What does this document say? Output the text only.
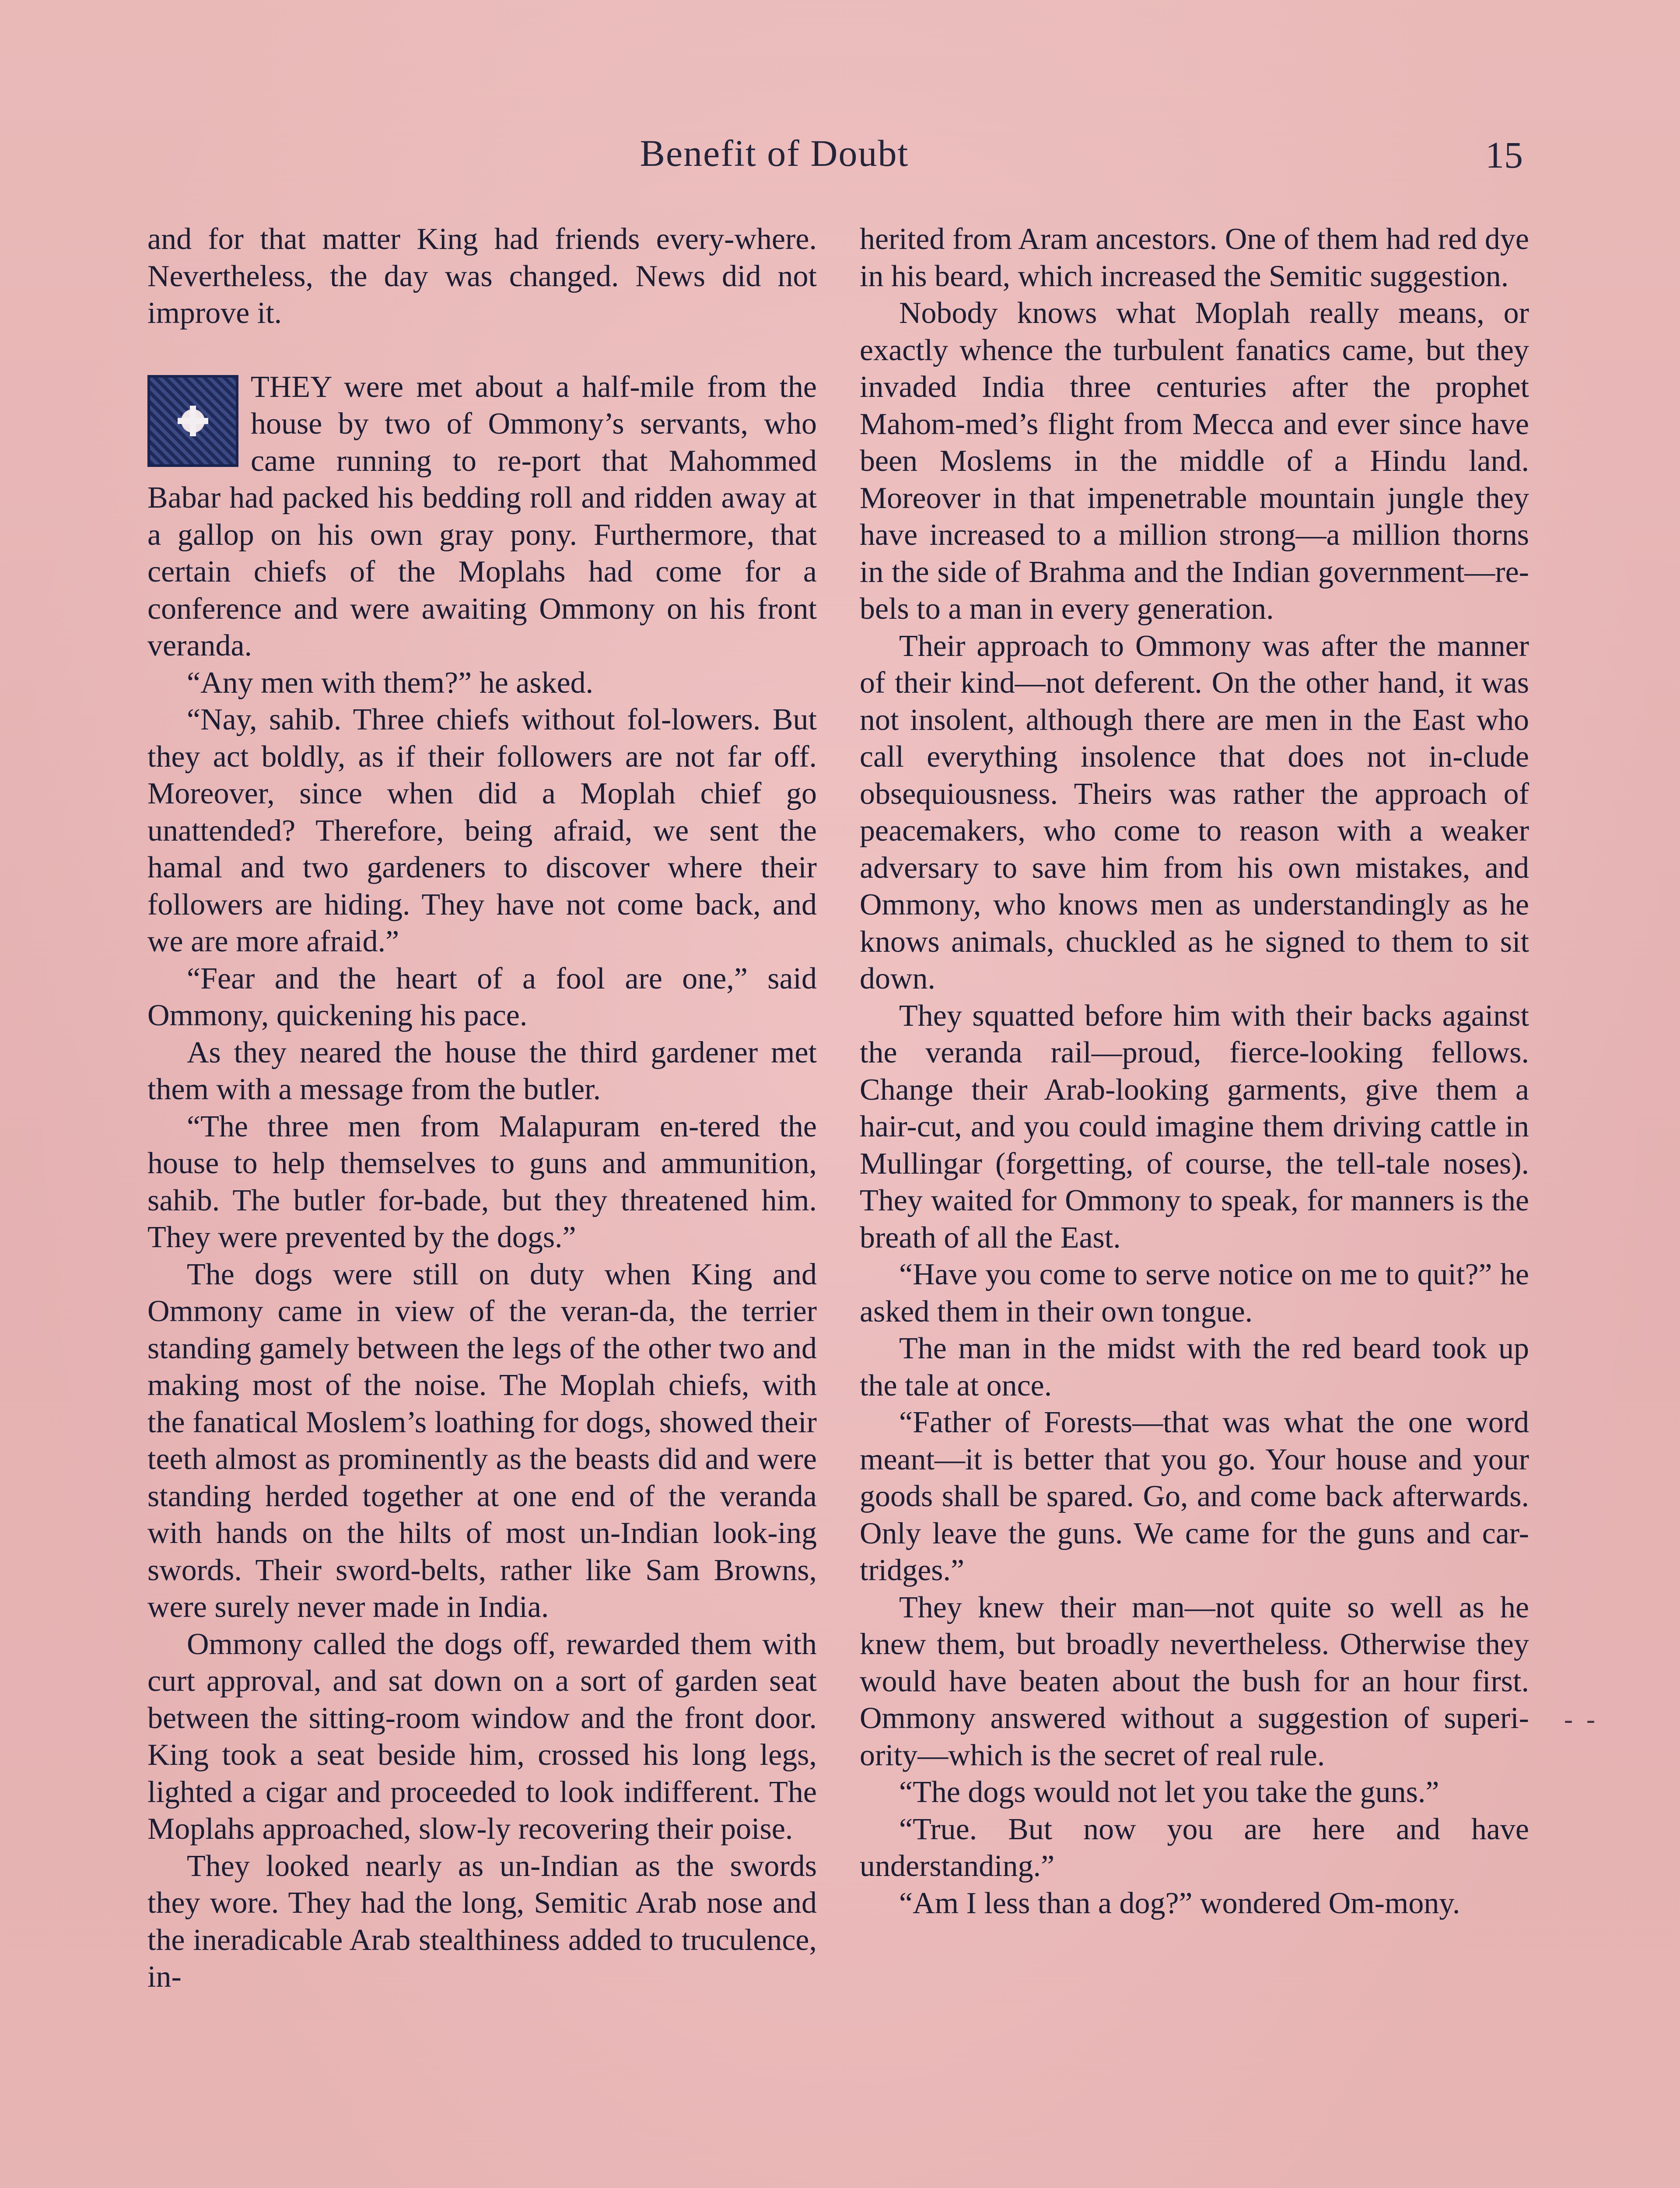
Benefit of Doubt	15

and for that matter King had friends every-where. Nevertheless, the day was changed. News did not improve it.

THEY were met about a half-mile from the house by two of Ommony’s servants, who came running to re-port that Mahommed Babar had packed his bedding roll and ridden away at a gallop on his own gray pony. Furthermore, that certain chiefs of the Moplahs had come for a conference and were awaiting Ommony on his front veranda.

“Any men with them?” he asked.

“Nay, sahib. Three chiefs without fol-lowers. But they act boldly, as if their followers are not far off. Moreover, since when did a Moplah chief go unattended? Therefore, being afraid, we sent the hamal and two gardeners to discover where their followers are hiding. They have not come back, and we are more afraid.”

“Fear and the heart of a fool are one,” said Ommony, quickening his pace.

As they neared the house the third gardener met them with a message from the butler.

“The three men from Malapuram en-tered the house to help themselves to guns and ammunition, sahib. The butler for-bade, but they threatened him. They were prevented by the dogs.”

The dogs were still on duty when King and Ommony came in view of the veran-da, the terrier standing gamely between the legs of the other two and making most of the noise. The Moplah chiefs, with the fanatical Moslem’s loathing for dogs, showed their teeth almost as prominently as the beasts did and were standing herded together at one end of the veranda with hands on the hilts of most un-Indian look-ing swords. Their sword-belts, rather like Sam Browns, were surely never made in India.

Ommony called the dogs off, rewarded them with curt approval, and sat down on a sort of garden seat between the sitting-room window and the front door. King took a seat beside him, crossed his long legs, lighted a cigar and proceeded to look indifferent. The Moplahs approached, slow-ly recovering their poise.

They looked nearly as un-Indian as the swords they wore. They had the long, Semitic Arab nose and the ineradicable Arab stealthiness added to truculence, in-

herited from Aram ancestors. One of them had red dye in his beard, which increased the Semitic suggestion.

Nobody knows what Moplah really means, or exactly whence the turbulent fanatics came, but they invaded India three centuries after the prophet Mahom-med’s flight from Mecca and ever since have been Moslems in the middle of a Hindu land. Moreover in that impenetrable mountain jungle they have increased to a million strong—a million thorns in the side of Brahma and the Indian government—re-bels to a man in every generation.

Their approach to Ommony was after the manner of their kind—not deferent. On the other hand, it was not insolent, although there are men in the East who call everything insolence that does not in-clude obsequiousness. Theirs was rather the approach of peacemakers, who come to reason with a weaker adversary to save him from his own mistakes, and Ommony, who knows men as understandingly as he knows animals, chuckled as he signed to them to sit down.

They squatted before him with their backs against the veranda rail—proud, fierce-looking fellows. Change their Arab-looking garments, give them a hair-cut, and you could imagine them driving cattle in Mullingar (forgetting, of course, the tell-tale noses). They waited for Ommony to speak, for manners is the breath of all the East.

“Have you come to serve notice on me to quit?” he asked them in their own tongue.

The man in the midst with the red beard took up the tale at once.

“Father of Forests—that was what the one word meant—it is better that you go. Your house and your goods shall be spared. Go, and come back afterwards. Only leave the guns. We came for the guns and car-tridges.”

They knew their man—not quite so well as he knew them, but broadly nevertheless. Otherwise they would have beaten about the bush for an hour first. Ommony answered without a suggestion of superi-ority—which is the secret of real rule.

“The dogs would not let you take the guns.”

“True. But now you are here and have understanding.”

“Am I less than a dog?” wondered Om-mony.

- -
